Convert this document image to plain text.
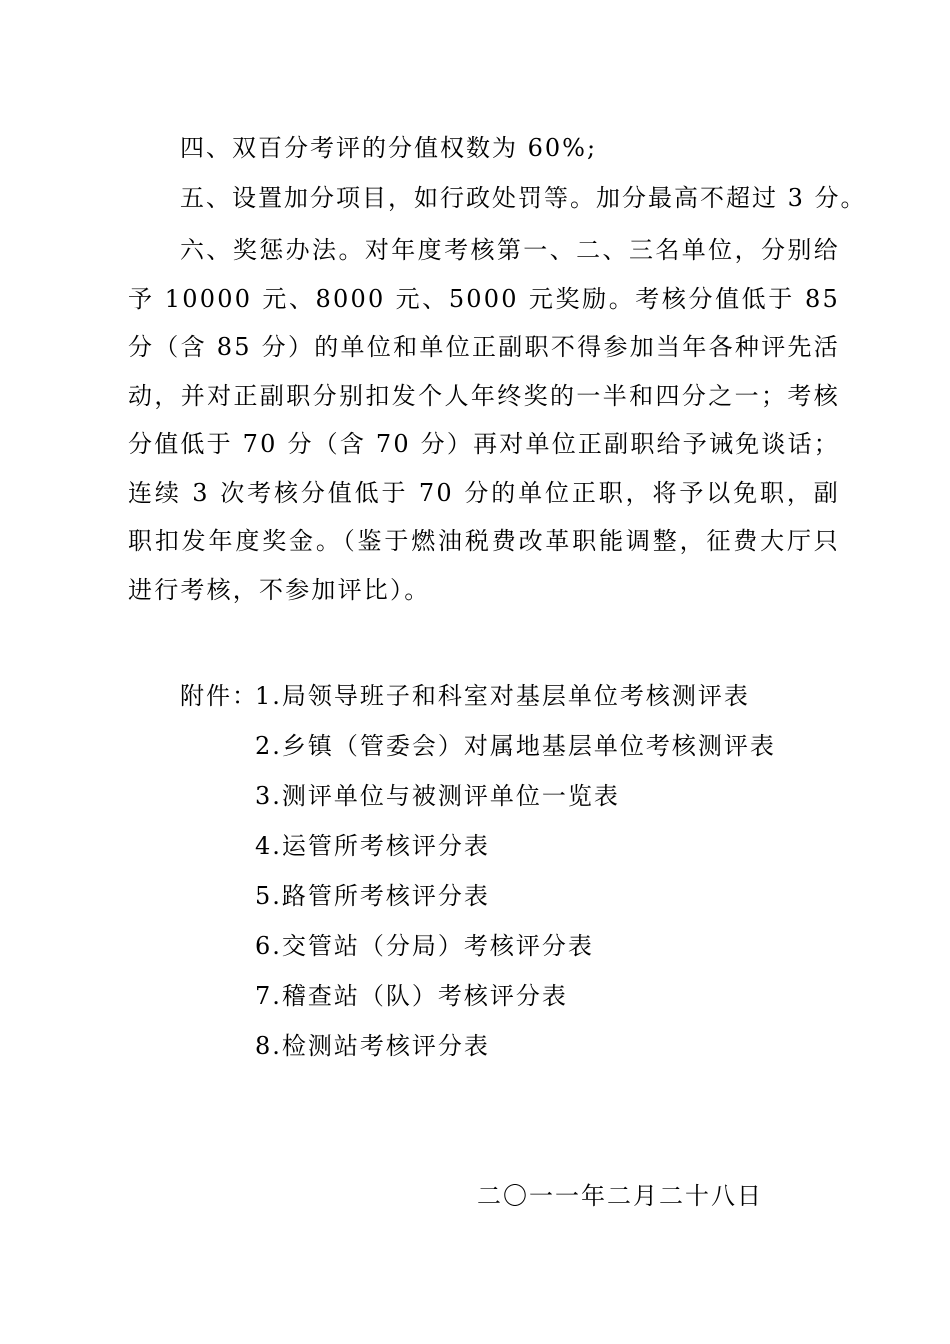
四、双百分考评的分值权数为 60%;
五、设置加分项目，如行政处罚等。加分最高不超过 3 分。

六、奖惩办法。对年度考核第一、二、三名单位，分别给予 10000 元、8000 元、5000 元奖励。考核分值低于 85 分（含 85 分）的单位和单位正副职不得参加当年各种评先活动，并对正副职分别扣发个人年终奖的一半和四分之一；考核分值低于 70 分（含 70 分）再对单位正副职给予诫免谈话；连续 3 次考核分值低于 70 分的单位正职，将予以免职，副职扣发年度奖金。（鉴于燃油税费改革职能调整，征费大厅只进行考核，不参加评比）。

附件：
1.局领导班子和科室对基层单位考核测评表
2.乡镇（管委会）对属地基层单位考核测评表
3.测评单位与被测评单位一览表
4.运管所考核评分表
5.路管所考核评分表
6.交管站（分局）考核评分表
7.稽查站（队）考核评分表
8.检测站考核评分表
二〇一一年二月二十八日
